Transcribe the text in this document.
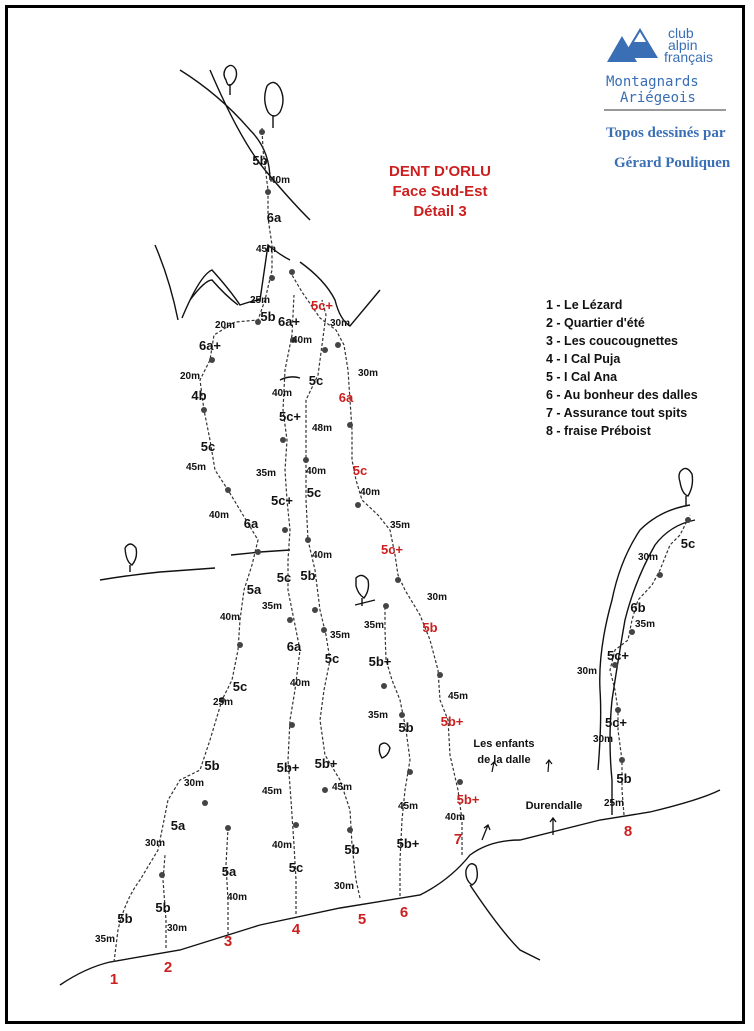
club
alpin
français
Montagnards
Ariégeois
Topos dessinés par
Gérard Pouliquen
DENT D'ORLU
Face Sud-Est
Détail 3
1 - Le Lézard
2 - Quartier d'été
3 - Les coucougnettes
4 - I Cal Puja
5 - I Cal Ana
6 - Au bonheur des dalles
7 - Assurance tout spits
8 - fraise Préboist
1
2
3
4
5 6
7	8
Les enfants
de la dalle
Durendalle
5b
6a
5b 6a+
6a+
4b
5c
6a
5a
5c
5b
5a
5b
5b
5c
5c+
5c
5c+
5c 5b
6a
5c 5b+
5b
5b+ 5b+
5b+
5c
5b
5a
5c
6b
5c+
5c+
5b
5c+
6a
5c
5c+
5b
5b+
5b+
40m
45m
25m
20m
20m
40m
45m
40m
40m
25m
30m
30m
35m
30m
40m
30m
40m
35m
48m
40m
35m
40m
35m
35m
40m
45m
35m
45m
40m
30m
45m
30m
40m
35m
30m
45m
40m
30m
35m
30m
30m
25m
